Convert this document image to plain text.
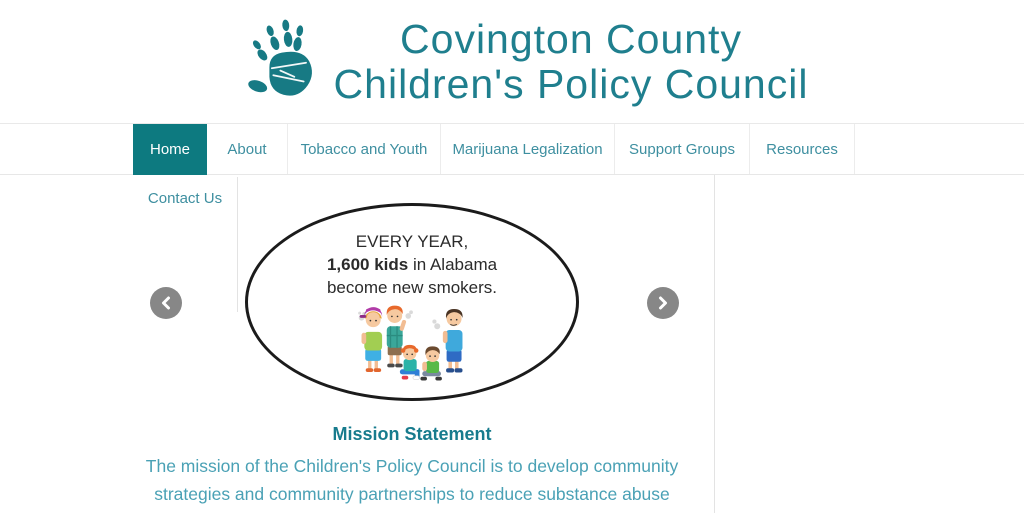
Covington County
Children's Policy Council
Home	About	Tobacco and Youth	Marijuana Legalization	Support Groups	Resources
Contact Us
EVERY YEAR,
1,600 kids in Alabama
become new smokers.
Mission Statement

The mission of the Children's Policy Council is to develop community strategies and community partnerships to reduce substance abuse
